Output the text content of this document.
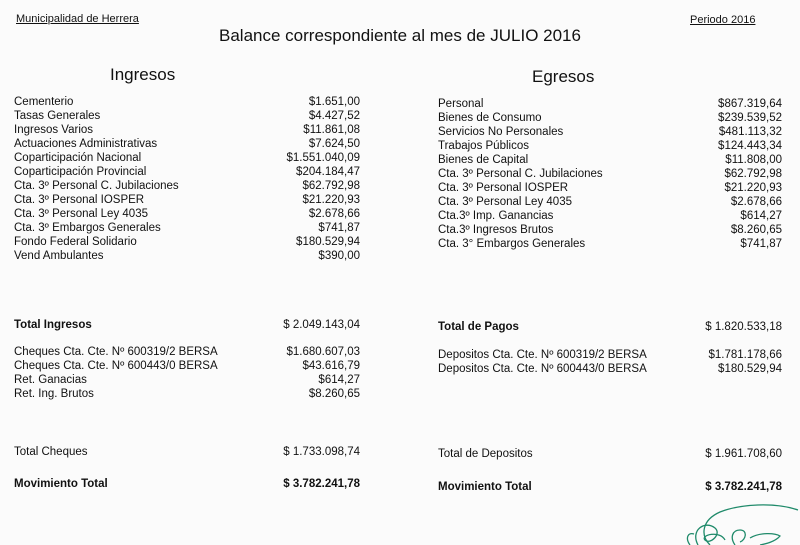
Municipalidad de Herrera	Periodo 2016
Balance correspondiente al mes de JULIO 2016
Ingresos	Egresos
Cementerio	$1.651,00
Tasas Generales	$4.427,52
Ingresos Varios	$11.861,08
Actuaciones Administrativas	$7.624,50
Coparticipación Nacional	$1.551.040,09
Coparticipación Provincial	$204.184,47
Cta. 3º Personal C. Jubilaciones	$62.792,98
Cta. 3º Personal IOSPER	$21.220,93
Cta. 3º Personal Ley 4035	$2.678,66
Cta. 3º Embargos Generales	$741,87
Fondo Federal Solidario	$180.529,94
Vend Ambulantes	$390,00
Personal	$867.319,64
Bienes de Consumo	$239.539,52
Servicios No Personales	$481.113,32
Trabajos Públicos	$124.443,34
Bienes de Capital	$11.808,00
Cta. 3º Personal C. Jubilaciones	$62.792,98
Cta. 3º Personal IOSPER	$21.220,93
Cta. 3º Personal Ley 4035	$2.678,66
Cta.3º Imp. Ganancias	$614,27
Cta.3º Ingresos Brutos	$8.260,65
Cta. 3° Embargos Generales	$741,87
Total Ingresos	$ 2.049.143,04
Cheques Cta. Cte. Nº 600319/2 BERSA	$1.680.607,03
Cheques Cta. Cte. Nº 600443/0 BERSA	$43.616,79
Ret. Ganacias	$614,27
Ret. Ing. Brutos	$8.260,65
Total Cheques	$ 1.733.098,74
Movimiento Total	$ 3.782.241,78
Total de Pagos	$ 1.820.533,18
Depositos Cta. Cte. Nº 600319/2 BERSA	$1.781.178,66
Depositos Cta. Cte. Nº 600443/0 BERSA	$180.529,94
Total de Depositos	$ 1.961.708,60
Movimiento Total	$ 3.782.241,78
